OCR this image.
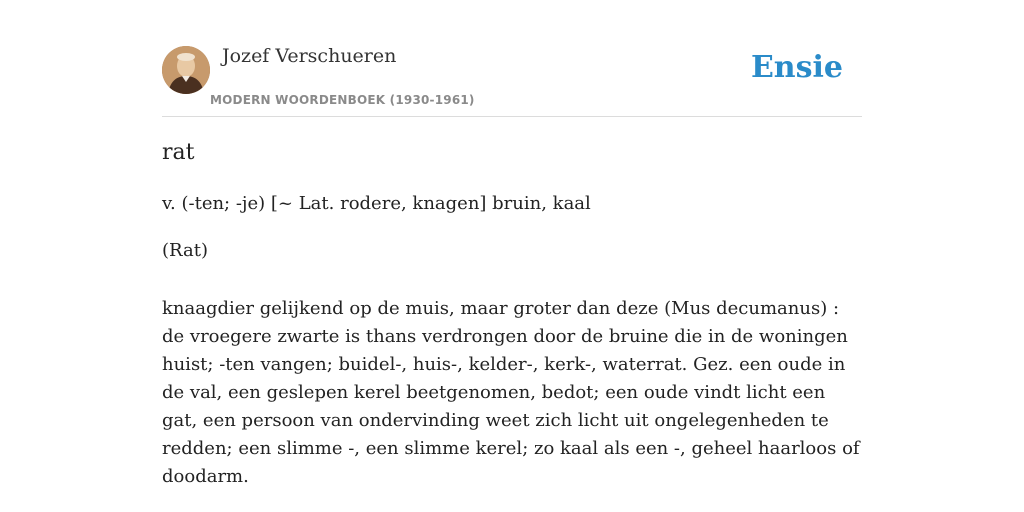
Jozef Verschueren
MODERN WOORDENBOEK (1930-1961)
Ensie
rat
v. (-ten; -je) [~ Lat. rodere, knagen] bruin, kaal
(Rat)
knaagdier gelijkend op de muis, maar groter dan deze (Mus decumanus) : de vroegere zwarte is thans verdrongen door de bruine die in de woningen huist; -ten vangen; buidel-, huis-, kelder-, kerk-, waterrat. Gez. een oude in de val, een geslepen kerel beetgenomen, bedot; een oude vindt licht een gat, een persoon van ondervinding weet zich licht uit ongelegenheden te redden; een slimme -, een slimme kerel; zo kaal als een -, geheel haarloos of doodarm.
